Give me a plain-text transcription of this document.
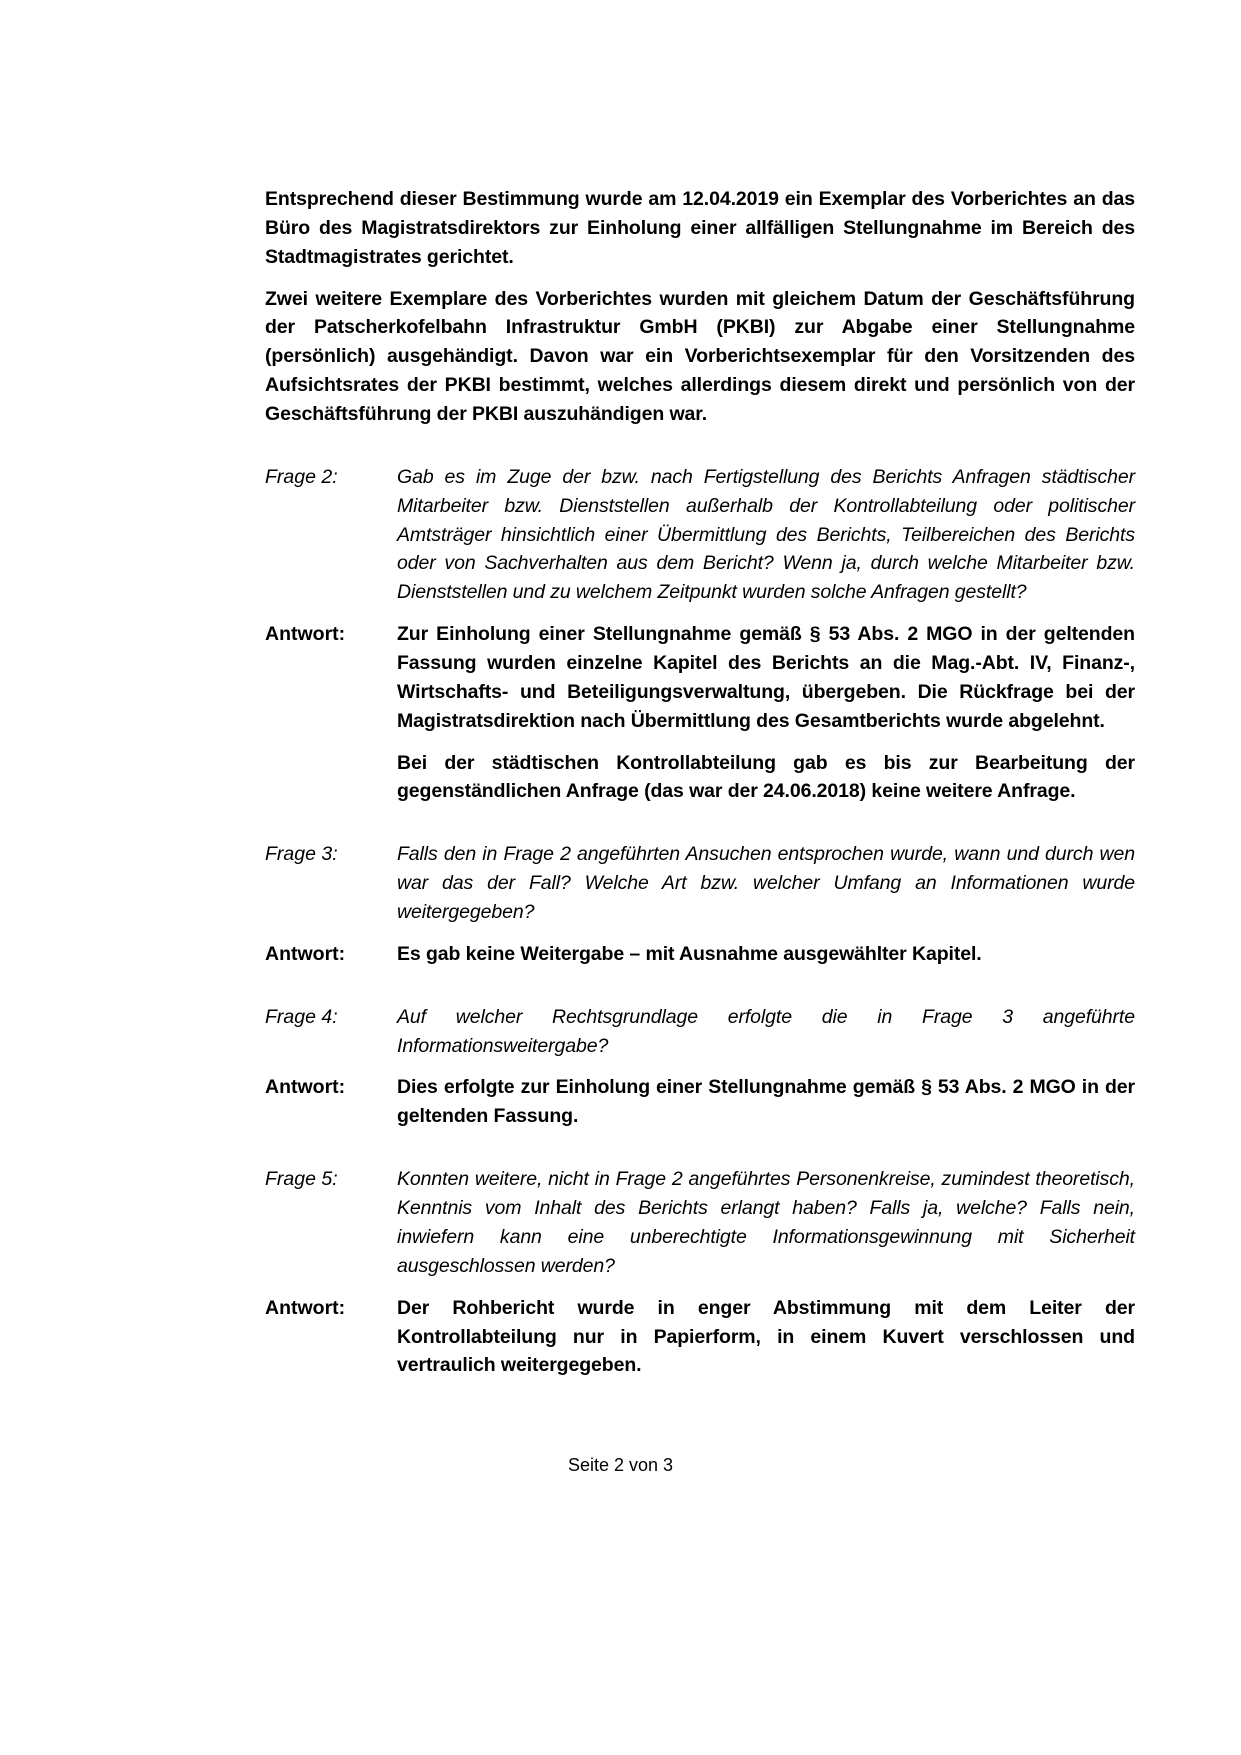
Entsprechend dieser Bestimmung wurde am 12.04.2019 ein Exemplar des Vorberichtes an das Büro des Magistratsdirektors zur Einholung einer allfälligen Stellungnahme im Bereich des Stadtmagistrates gerichtet.

Zwei weitere Exemplare des Vorberichtes wurden mit gleichem Datum der Geschäftsführung der Patscherkofelbahn Infrastruktur GmbH (PKBI) zur Abgabe einer Stellungnahme (persönlich) ausgehändigt. Davon war ein Vorberichtsexemplar für den Vorsitzenden des Aufsichtsrates der PKBI bestimmt, welches allerdings diesem direkt und persönlich von der Geschäftsführung der PKBI auszuhändigen war.

Frage 2:	Gab es im Zuge der bzw. nach Fertigstellung des Berichts Anfragen städtischer Mitarbeiter bzw. Dienststellen außerhalb der Kontrollabteilung oder politischer Amtsträger hinsichtlich einer Übermittlung des Berichts, Teilbereichen des Berichts oder von Sachverhalten aus dem Bericht? Wenn ja, durch welche Mitarbeiter bzw. Dienststellen und zu welchem Zeitpunkt wurden solche Anfragen gestellt?

Antwort:	Zur Einholung einer Stellungnahme gemäß § 53 Abs. 2 MGO in der geltenden Fassung wurden einzelne Kapitel des Berichts an die Mag.-Abt. IV, Finanz-, Wirtschafts- und Beteiligungsverwaltung, übergeben. Die Rückfrage bei der Magistratsdirektion nach Übermittlung des Gesamtberichts wurde abgelehnt.

Bei der städtischen Kontrollabteilung gab es bis zur Bearbeitung der gegenständlichen Anfrage (das war der 24.06.2018) keine weitere Anfrage.

Frage 3:	Falls den in Frage 2 angeführten Ansuchen entsprochen wurde, wann und durch wen war das der Fall? Welche Art bzw. welcher Umfang an Informationen wurde weitergegeben?

Antwort:	Es gab keine Weitergabe – mit Ausnahme ausgewählter Kapitel.

Frage 4:	Auf welcher Rechtsgrundlage erfolgte die in Frage 3 angeführte Informationsweitergabe?

Antwort:	Dies erfolgte zur Einholung einer Stellungnahme gemäß § 53 Abs. 2 MGO in der geltenden Fassung.

Frage 5:	Konnten weitere, nicht in Frage 2 angeführtes Personenkreise, zumindest theoretisch, Kenntnis vom Inhalt des Berichts erlangt haben? Falls ja, welche? Falls nein, inwiefern kann eine unberechtigte Informationsgewinnung mit Sicherheit ausgeschlossen werden?

Antwort:	Der Rohbericht wurde in enger Abstimmung mit dem Leiter der Kontrollabteilung nur in Papierform, in einem Kuvert verschlossen und vertraulich weitergegeben.

Seite 2 von 3
